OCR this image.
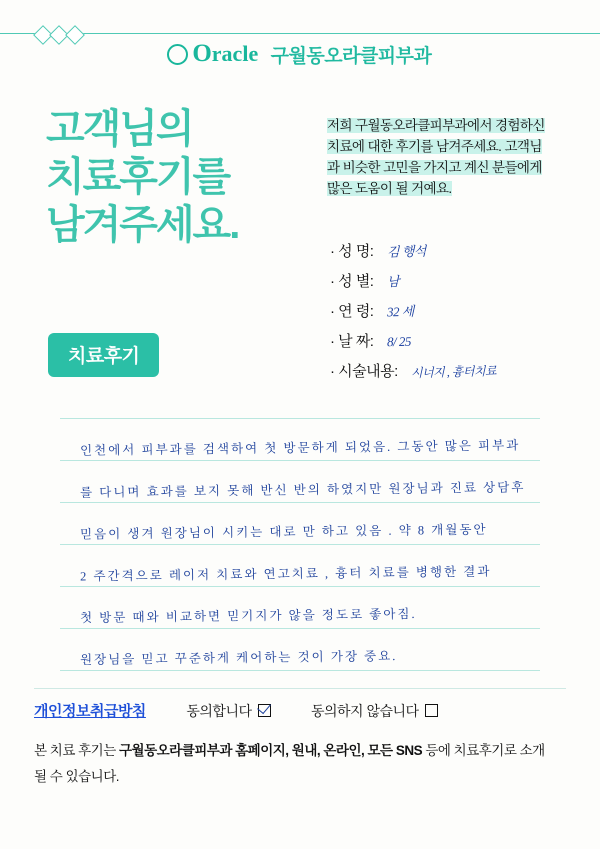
Oracle 구월동오라클피부과
고객님의
치료후기를
남겨주세요.
치료후기
저희 구월동오라클피부과에서 경험하신 치료에 대한 후기를 남겨주세요. 고객님과 비슷한 고민을 가지고 계신 분들에게 많은 도움이 될 거예요.
· 성 명: 김 행석
· 성 별: 남
· 연 령: 32 세
· 날 짜: 8/ 25
· 시술내용: 시너지 , 흉터치료
인천에서 피부과를 검색하여 첫 방문하게 되었음. 그동안 많은 피부과
를 다니며 효과를 보지 못해 반신 반의 하였지만 원장님과 진료 상담후
믿음이 생겨 원장님이 시키는 대로 만 하고 있음 . 약 8 개월동안
2 주간격으로 레이저 치료와 연고치료 , 흉터 치료를 병행한 결과
첫 방문 때와 비교하면 믿기지가 않을 정도로 좋아짐.
원장님을 믿고 꾸준하게 케어하는 것이 가장 중요.
개인정보취급방침	동의합니다	동의하지 않습니다
본 치료 후기는 구월동오라클피부과 홈페이지, 원내, 온라인, 모든 SNS 등에 치료후기로 소개 될 수 있습니다.
